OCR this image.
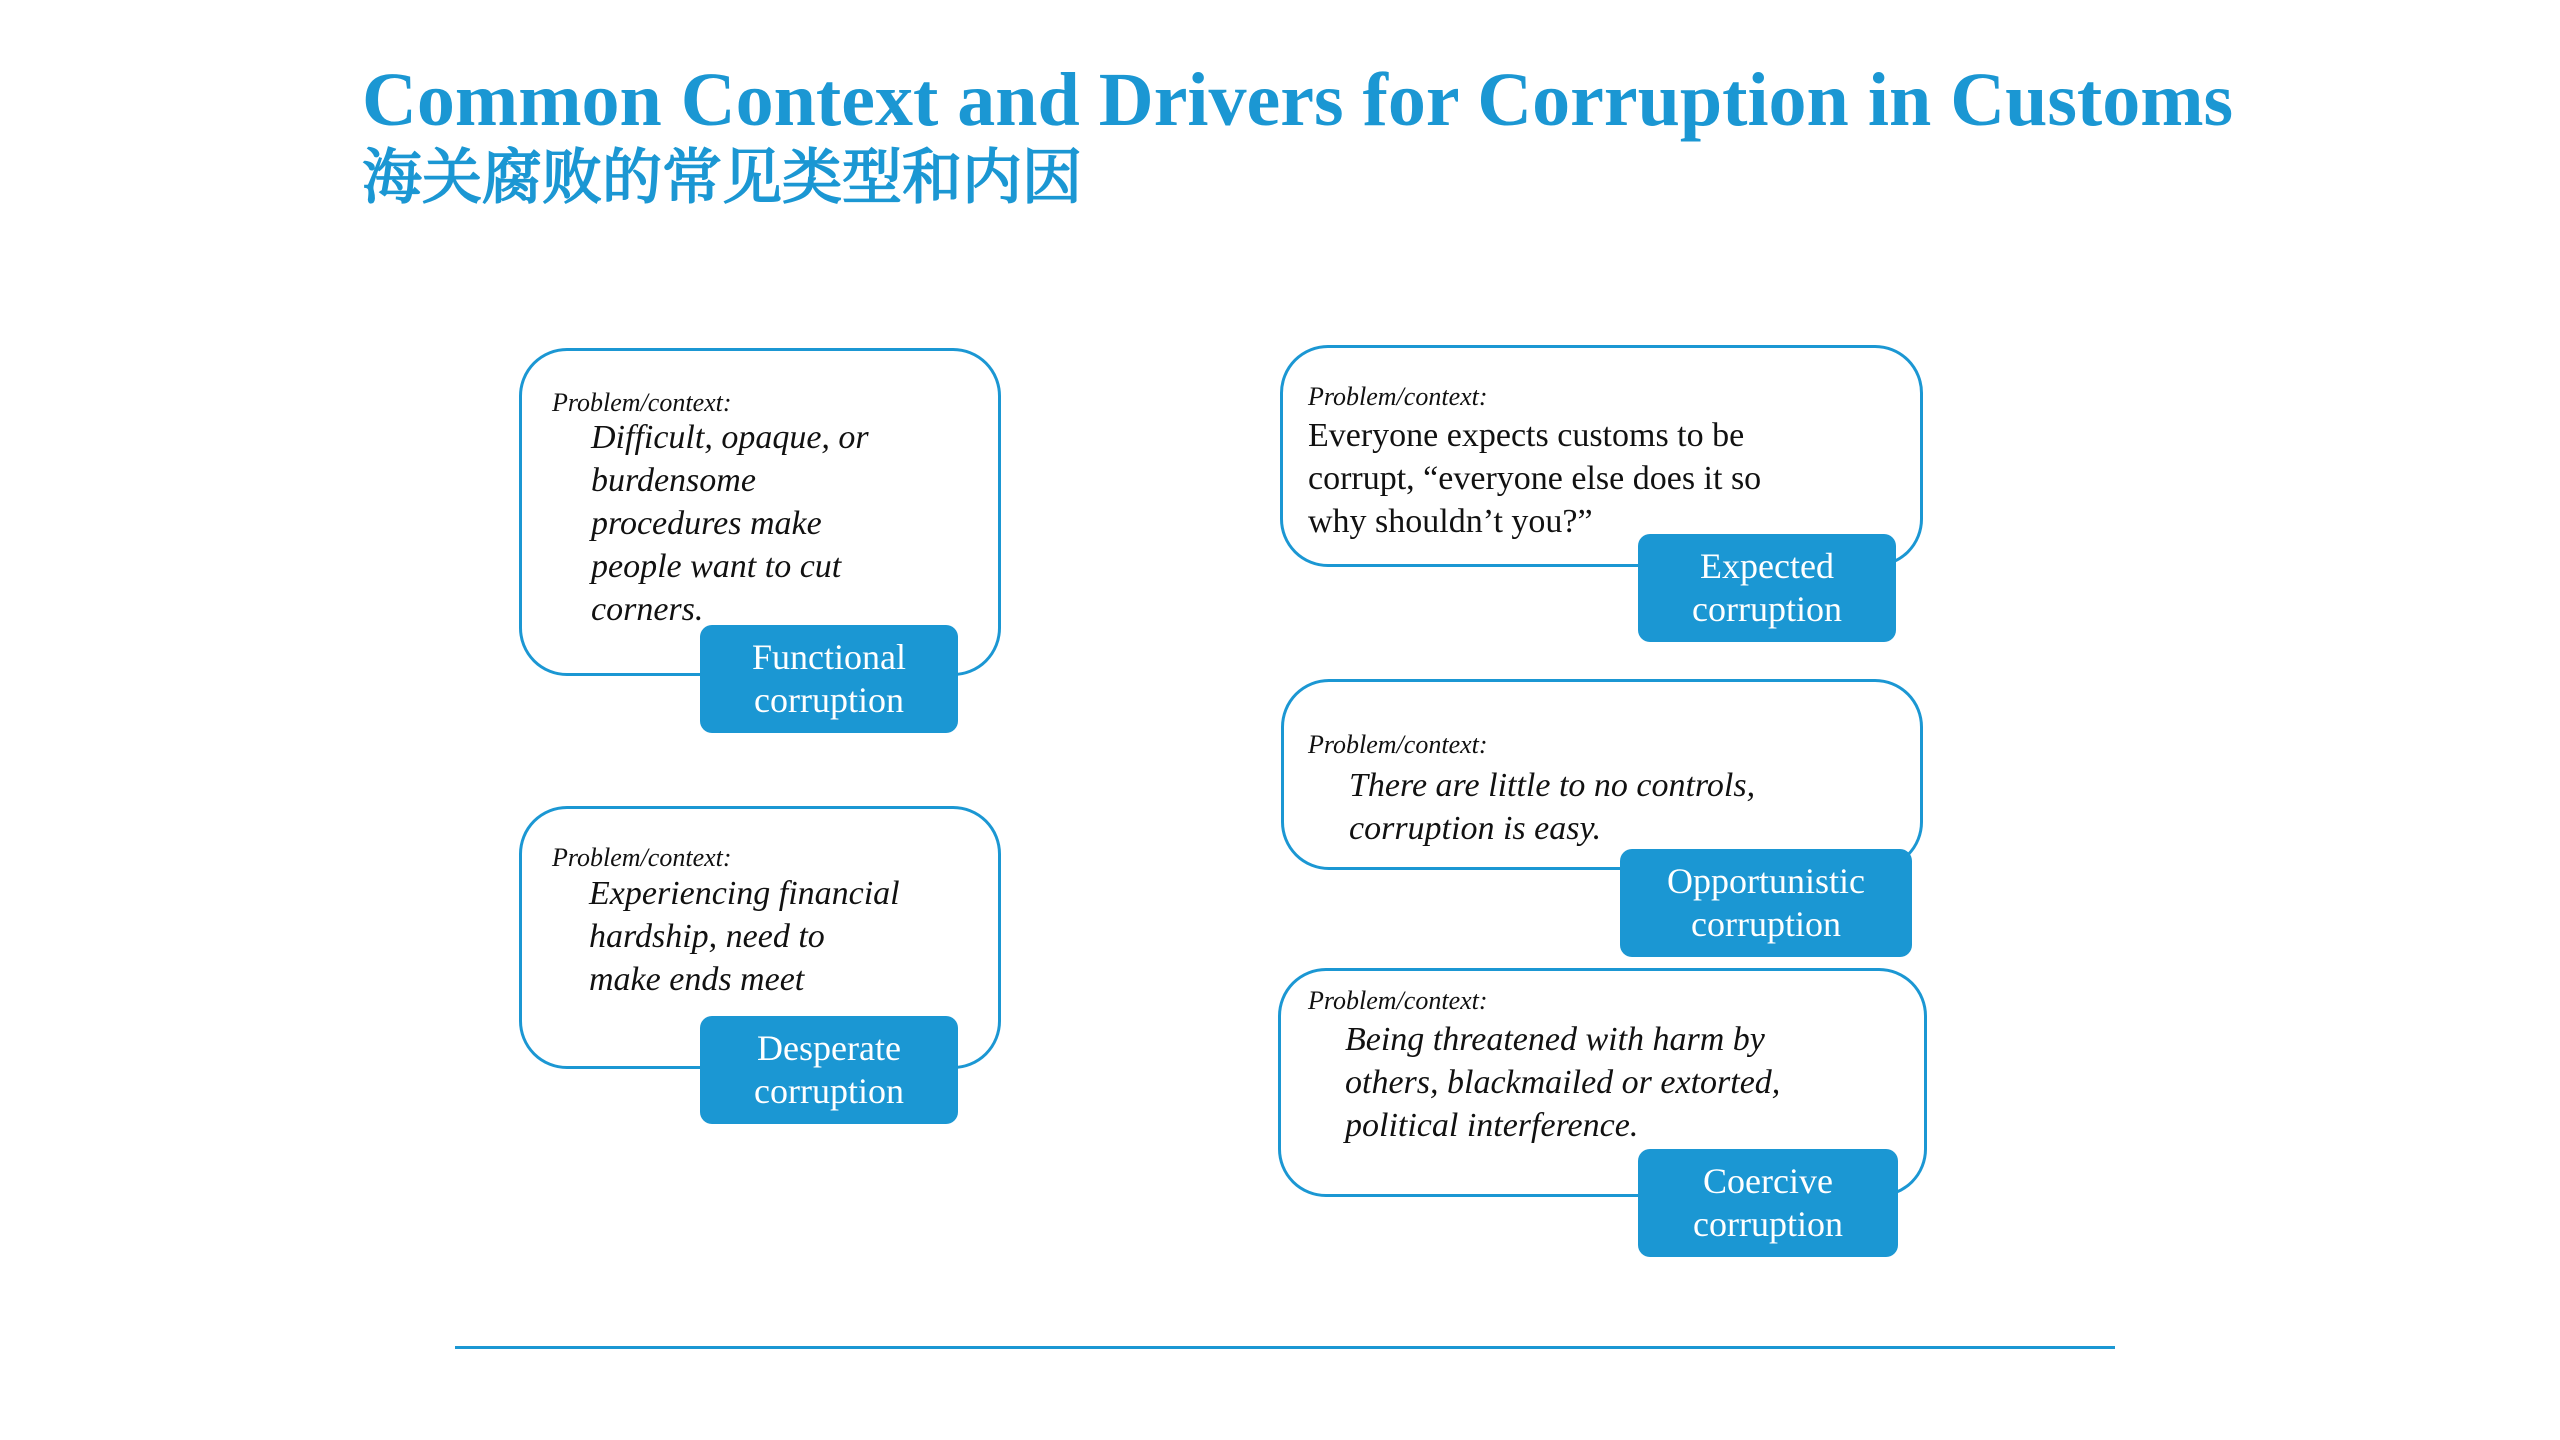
Common Context and Drivers for Corruption in Customs
海关腐败的常见类型和内因
Problem/context:
Difficult, opaque, or
burdensome
procedures make
people want to cut
corners.
Functional
corruption
Problem/context:
Experiencing financial
hardship, need to
make ends meet
Desperate
corruption
Problem/context:
Everyone expects customs to be
corrupt, “everyone else does it so
why shouldn’t you?”
Expected
corruption
Problem/context:
There are little to no controls,
corruption is easy.
Opportunistic
corruption
Problem/context:
Being threatened with harm by
others, blackmailed or extorted,
political interference.
Coercive
corruption
